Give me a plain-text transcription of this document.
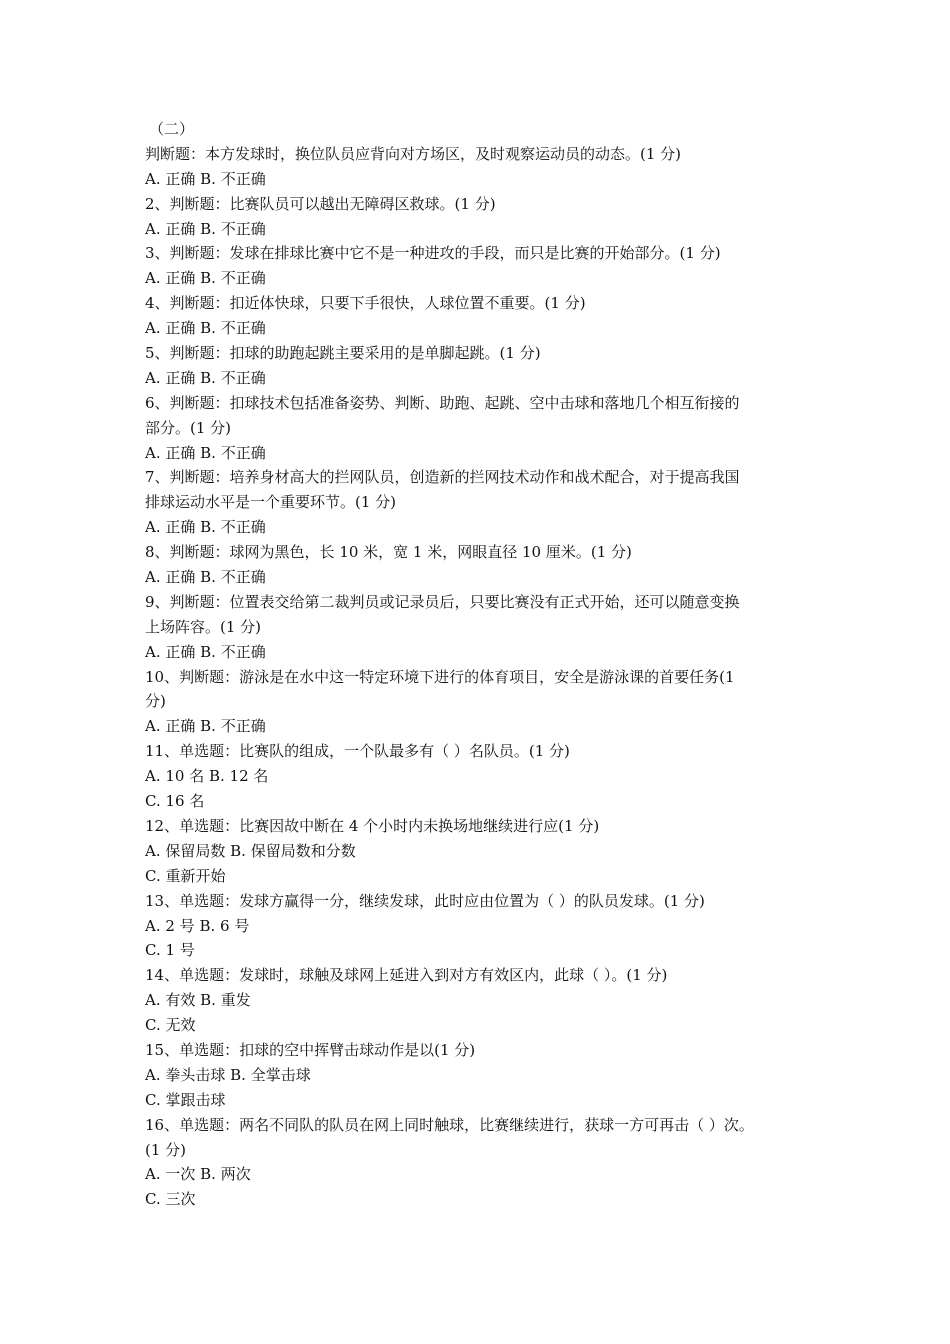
（二）
判断题：本方发球时，换位队员应背向对方场区，及时观察运动员的动态。(1 分)
A. 正确 B. 不正确
2、判断题：比赛队员可以越出无障碍区救球。(1 分)
A. 正确 B. 不正确
3、判断题：发球在排球比赛中它不是一种进攻的手段，而只是比赛的开始部分。(1 分)
A. 正确 B. 不正确
4、判断题：扣近体快球，只要下手很快，人球位置不重要。(1 分)
A. 正确 B. 不正确
5、判断题：扣球的助跑起跳主要采用的是单脚起跳。(1 分)
A. 正确 B. 不正确
6、判断题：扣球技术包括准备姿势、判断、助跑、起跳、空中击球和落地几个相互衔接的
部分。(1 分)
A. 正确 B. 不正确
7、判断题：培养身材高大的拦网队员，创造新的拦网技术动作和战术配合，对于提高我国
排球运动水平是一个重要环节。(1 分)
A. 正确 B. 不正确
8、判断题：球网为黑色，长 10 米，宽 1 米，网眼直径 10 厘米。(1 分)
A. 正确 B. 不正确
9、判断题：位置表交给第二裁判员或记录员后，只要比赛没有正式开始，还可以随意变换
上场阵容。(1 分)
A. 正确 B. 不正确
10、判断题：游泳是在水中这一特定环境下进行的体育项目，安全是游泳课的首要任务(1
分)
A. 正确 B. 不正确
11、单选题：比赛队的组成，一个队最多有（ ）名队员。(1 分)
A. 10 名 B. 12 名
C. 16 名
12、单选题：比赛因故中断在 4 个小时内未换场地继续进行应(1 分)
A. 保留局数 B. 保留局数和分数
C. 重新开始
13、单选题：发球方赢得一分，继续发球，此时应由位置为（ ）的队员发球。(1 分)
A. 2 号 B. 6 号
C. 1 号
14、单选题：发球时，球触及球网上延进入到对方有效区内，此球（ ）。(1 分)
A. 有效 B. 重发
C. 无效
15、单选题：扣球的空中挥臂击球动作是以(1 分)
A. 拳头击球 B. 全掌击球
C. 掌跟击球
16、单选题：两名不同队的队员在网上同时触球，比赛继续进行，获球一方可再击（ ）次。
(1 分)
A. 一次 B. 两次
C. 三次
